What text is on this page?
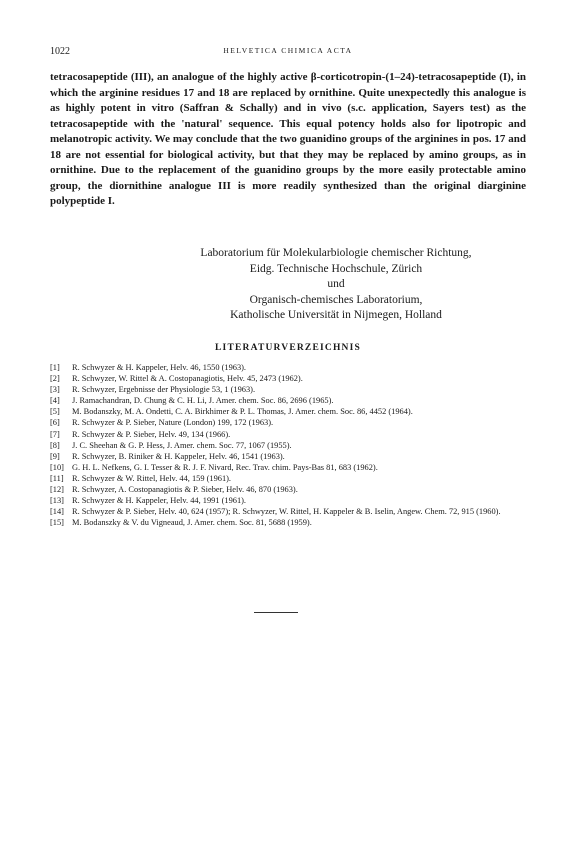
1022	HELVETICA CHIMICA ACTA

tetracosapeptide (III), an analogue of the highly active β-corticotropin-(1–24)-tetracosapeptide (I), in which the arginine residues 17 and 18 are replaced by ornithine. Quite unexpectedly this analogue is as highly potent in vitro (Saffran & Schally) and in vivo (s.c. application, Sayers test) as the tetracosapeptide with the 'natural' sequence. This equal potency holds also for lipotropic and melanotropic activity. We may conclude that the two guanidino groups of the arginines in pos. 17 and 18 are not essential for biological activity, but that they may be replaced by amino groups, as in ornithine. Due to the replacement of the guanidino groups by the more easily protectable amino group, the diornithine analogue III is more readily synthesized than the original diarginine polypeptide I.

Laboratorium für Molekularbiologie chemischer Richtung,
Eidg. Technische Hochschule, Zürich
und
Organisch-chemisches Laboratorium,
Katholische Universität in Nijmegen, Holland
LITERATURVERZEICHNIS
[1] R. Schwyzer & H. Kappeler, Helv. 46, 1550 (1963).
[2] R. Schwyzer, W. Rittel & A. Costopanagiotis, Helv. 45, 2473 (1962).
[3] R. Schwyzer, Ergebnisse der Physiologie 53, 1 (1963).
[4] J. Ramachandran, D. Chung & C. H. Li, J. Amer. chem. Soc. 86, 2696 (1965).
[5] M. Bodanszky, M. A. Ondetti, C. A. Birkhimer & P. L. Thomas, J. Amer. chem. Soc. 86, 4452 (1964).
[6] R. Schwyzer & P. Sieber, Nature (London) 199, 172 (1963).
[7] R. Schwyzer & P. Sieber, Helv. 49, 134 (1966).
[8] J. C. Sheehan & G. P. Hess, J. Amer. chem. Soc. 77, 1067 (1955).
[9] R. Schwyzer, B. Riniker & H. Kappeler, Helv. 46, 1541 (1963).
[10] G. H. L. Nefkens, G. I. Tesser & R. J. F. Nivard, Rec. Trav. chim. Pays-Bas 81, 683 (1962).
[11] R. Schwyzer & W. Rittel, Helv. 44, 159 (1961).
[12] R. Schwyzer, A. Costopanagiotis & P. Sieber, Helv. 46, 870 (1963).
[13] R. Schwyzer & H. Kappeler, Helv. 44, 1991 (1961).
[14] R. Schwyzer & P. Sieber, Helv. 40, 624 (1957); R. Schwyzer, W. Rittel, H. Kappeler & B. Iselin, Angew. Chem. 72, 915 (1960).
[15] M. Bodanszky & V. du Vigneaud, J. Amer. chem. Soc. 81, 5688 (1959).
